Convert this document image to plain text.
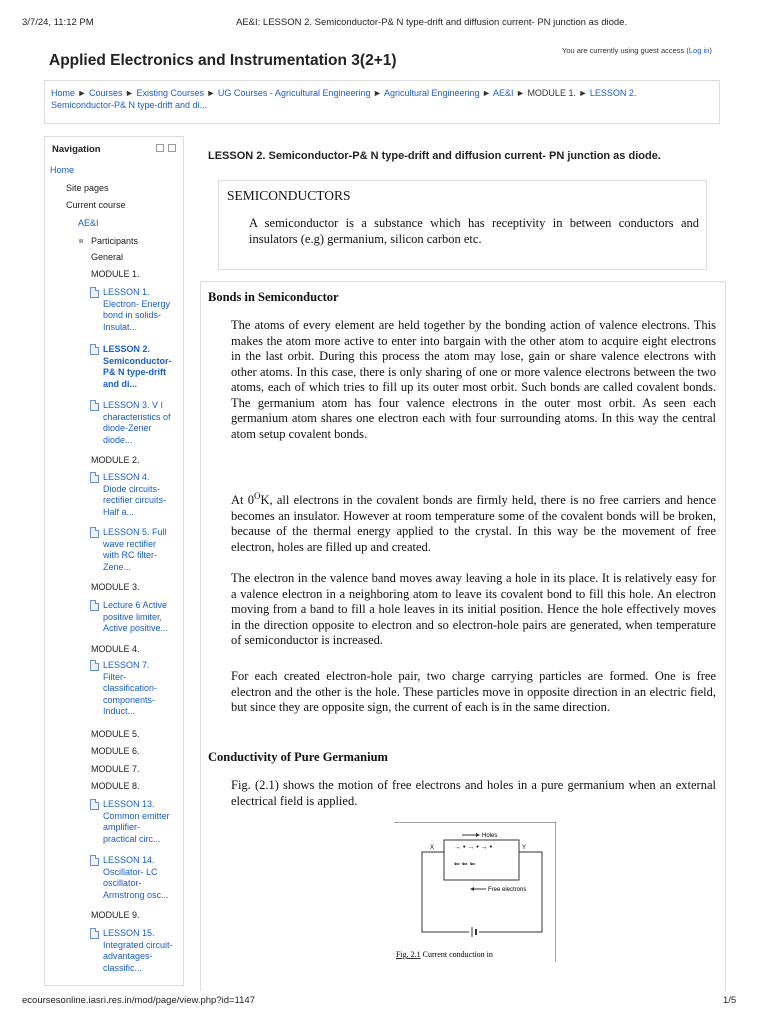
3/7/24, 11:12 PM	AE&I: LESSON 2. Semiconductor-P& N type-drift and diffusion current- PN junction as diode.
Applied Electronics and Instrumentation 3(2+1)
You are currently using guest access (Log in)
Home ► Courses ► Existing Courses ► UG Courses - Agricultural Engineering ► Agricultural Engineering ► AE&I ► MODULE 1. ► LESSON 2.
Semiconductor-P& N type-drift and di...
Navigation
Home
Site pages
Current course
AE&I
Participants
General
MODULE 1.
LESSON 1.
Electron- Energy
bond in solids-
Insulat...
LESSON 2.
Semiconductor-
P& N type-drift
and di...
LESSON 3. V I
characteristics of
diode-Zener
diode...
MODULE 2.
LESSON 4.
Diode circuits-
rectifier circuits-
Half a...
LESSON 5. Full
wave rectifier
with RC filter-
Zene...
MODULE 3.
Lecture 6 Active
positive limiter,
Active positive...
MODULE 4.
LESSON 7.
Filter-
classification-
components-
Induct...
MODULE 5.
MODULE 6.
MODULE 7.
MODULE 8.
LESSON 13.
Common emitter
amplifier-
practical circ...
LESSON 14.
Oscillator- LC
oscillator-
Armstrong osc...
MODULE 9.
LESSON 15.
Integrated circuit-
advantages-
classific...
LESSON 2. Semiconductor-P& N type-drift and diffusion current- PN junction as diode.
SEMICONDUCTORS
A semiconductor is a substance which has receptivity in between conductors and insulators (e.g) germanium, silicon carbon etc.
Bonds in Semiconductor
The atoms of every element are held together by the bonding action of valence electrons. This makes the atom more active to enter into bargain with the other atom to acquire eight electrons in the last orbit. During this process the atom may lose, gain or share valence electrons with other atoms. In this case, there is only sharing of one or more valence electrons between the two atoms, each of which tries to fill up its outer most orbit. Such bonds are called covalent bonds. The germanium atom has four valence electrons in the outer most orbit. As seen each germanium atom shares one electron each with four surrounding atoms. In this way the central atom setup covalent bonds.
At $0^OK$, all electrons in the covalent bonds are firmly held, there is no free carriers and hence becomes an insulator. However at room temperature some of the covalent bonds will be broken, because of the thermal energy applied to the crystal. In this way be the movement of free electron, holes are filled up and created.
The electron in the valence band moves away leaving a hole in its place. It is relatively easy for a valence electron in a neighboring atom to leave its covalent bond to fill this hole. An electron moving from a band to fill a hole leaves in its initial position. Hence the hole effectively moves in the direction opposite to electron and so electron-hole pairs are generated, when temperature of semiconductor is increased.
For each created electron-hole pair, two charge carrying particles are formed. One is free electron and the other is the hole. These particles move in opposite direction in an electric field, but since they are opposite sign, the current of each is in the same direction.
Conductivity of Pure Germanium
Fig. (2.1) shows the motion of free electrons and holes in a pure germanium when an external electrical field is applied.
Holes
X	Y
→ • → • → •
⇐ ⇐ ⇐
Free electrons
Fig. 2.1 Current conduction in
ecoursesonline.iasri.res.in/mod/page/view.php?id=1147	1/5
